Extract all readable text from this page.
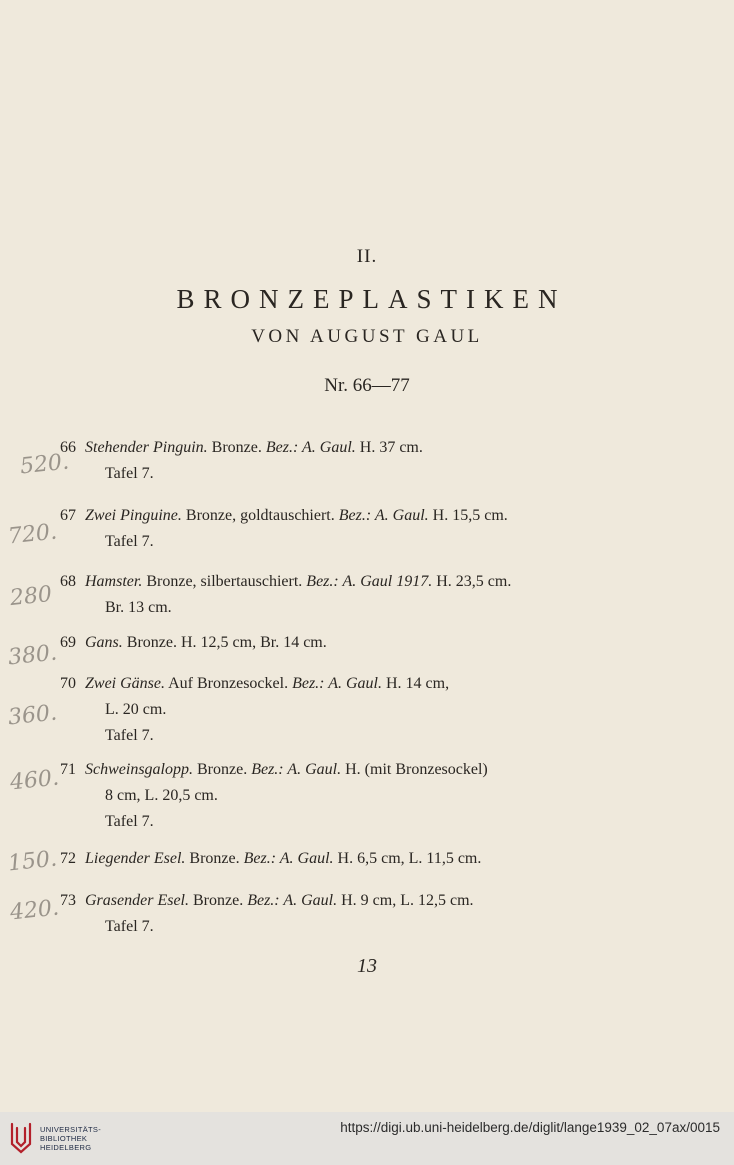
II.
BRONZEPLASTIKEN
VON AUGUST GAUL
Nr. 66—77
66 Stehender Pinguin. Bronze. Bez.: A. Gaul. H. 37 cm.
Tafel 7.
67 Zwei Pinguine. Bronze, goldtauschiert. Bez.: A. Gaul. H. 15,5 cm.
Tafel 7.
68 Hamster. Bronze, silbertauschiert. Bez.: A. Gaul 1917. H. 23,5 cm.
Br. 13 cm.
69 Gans. Bronze. H. 12,5 cm, Br. 14 cm.
70 Zwei Gänse. Auf Bronzesockel. Bez.: A. Gaul. H. 14 cm,
L. 20 cm.
Tafel 7.
71 Schweinsgalopp. Bronze. Bez.: A. Gaul. H. (mit Bronzesockel)
8 cm, L. 20,5 cm.
Tafel 7.
72 Liegender Esel. Bronze. Bez.: A. Gaul. H. 6,5 cm, L. 11,5 cm.
73 Grasender Esel. Bronze. Bez.: A. Gaul. H. 9 cm, L. 12,5 cm.
Tafel 7.
520.
720.
280
380.
360.
460.
150.
420.
13
UNIVERSITÄTS-
BIBLIOTHEK
HEIDELBERG
https://digi.ub.uni-heidelberg.de/diglit/lange1939_02_07ax/0015
